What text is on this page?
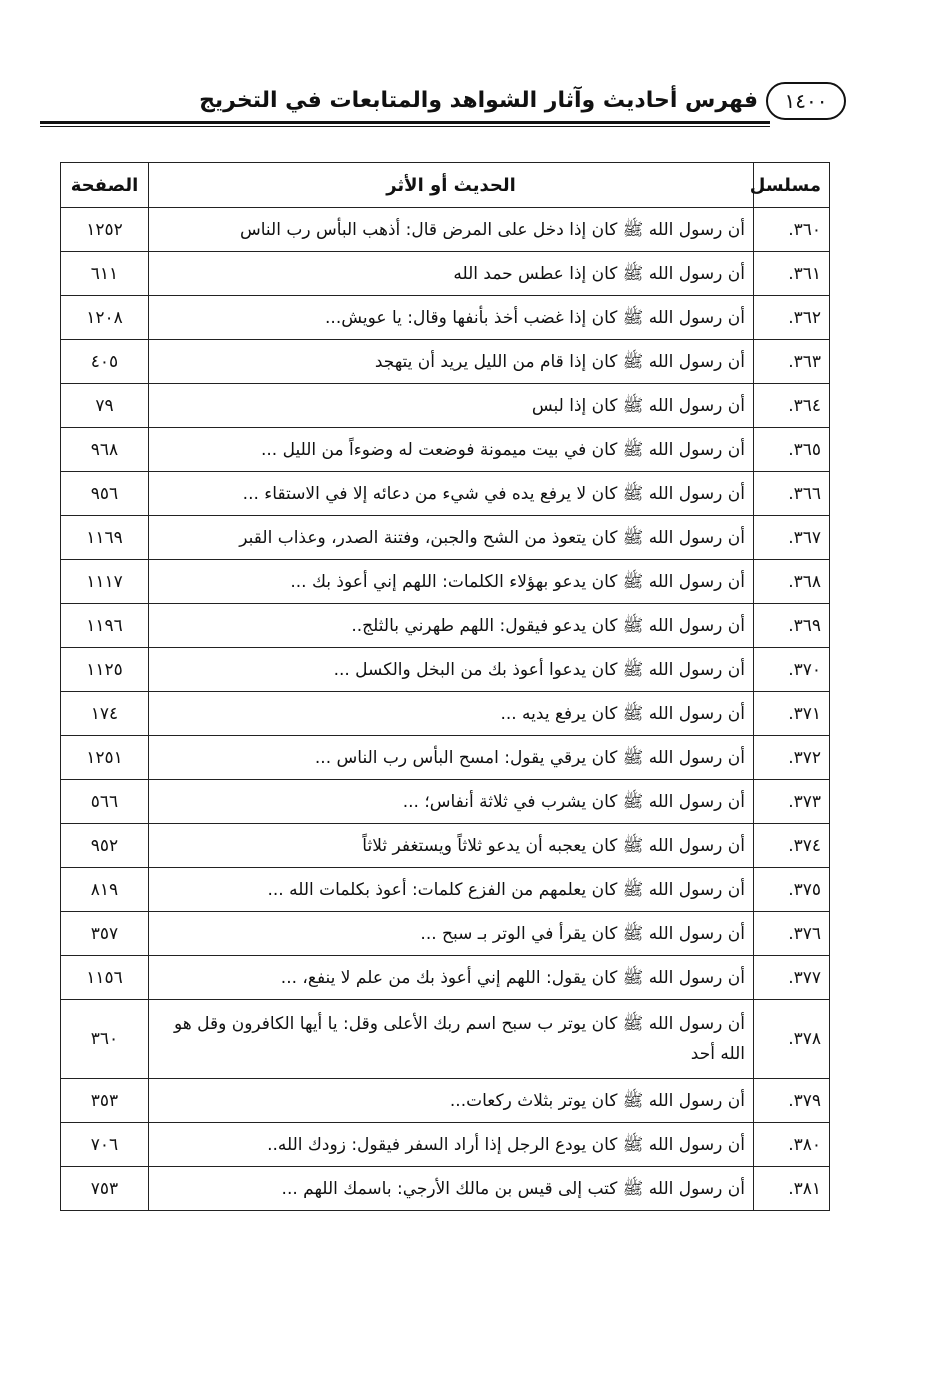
فهرس أحاديث وآثار الشواهد والمتابعات في التخريج	١٤٠٠
مسلسل	الحديث أو الأثر	الصفحة
٣٦٠.	أن رسول الله ﷺ كان إذا دخل على المرض قال: أذهب البأس رب الناس	١٢٥٢
٣٦١.	أن رسول الله ﷺ كان إذا عطس حمد الله	٦١١
٣٦٢.	أن رسول الله ﷺ كان إذا غضب أخذ بأنفها وقال: يا عويش...	١٢٠٨
٣٦٣.	أن رسول الله ﷺ كان إذا قام من الليل يريد أن يتهجد	٤٠٥
٣٦٤.	أن رسول الله ﷺ كان إذا لبس	٧٩
٣٦٥.	أن رسول الله ﷺ كان في بيت ميمونة فوضعت له وضوءاً من الليل ...	٩٦٨
٣٦٦.	أن رسول الله ﷺ كان لا يرفع يده في شيء من دعائه إلا في الاستقاء ...	٩٥٦
٣٦٧.	أن رسول الله ﷺ كان يتعوذ من الشح والجبن، وفتنة الصدر، وعذاب القبر	١١٦٩
٣٦٨.	أن رسول الله ﷺ كان يدعو بهؤلاء الكلمات: اللهم إني أعوذ بك ...	١١١٧
٣٦٩.	أن رسول الله ﷺ كان يدعو فيقول: اللهم طهرني بالثلج..	١١٩٦
٣٧٠.	أن رسول الله ﷺ كان يدعوا أعوذ بك من البخل والكسل ...	١١٢٥
٣٧١.	أن رسول الله ﷺ كان يرفع يديه ...	١٧٤
٣٧٢.	أن رسول الله ﷺ كان يرقي يقول: امسح البأس رب الناس ...	١٢٥١
٣٧٣.	أن رسول الله ﷺ كان يشرب في ثلاثة أنفاس؛ ...	٥٦٦
٣٧٤.	أن رسول الله ﷺ كان يعجبه أن يدعو ثلاثاً ويستغفر ثلاثاً	٩٥٢
٣٧٥.	أن رسول الله ﷺ كان يعلمهم من الفزع كلمات: أعوذ بكلمات الله ...	٨١٩
٣٧٦.	أن رسول الله ﷺ كان يقرأ في الوتر بـ سبح ...	٣٥٧
٣٧٧.	أن رسول الله ﷺ كان يقول: اللهم إني أعوذ بك من علم لا ينفع، ...	١١٥٦
٣٧٨.	أن رسول الله ﷺ كان يوتر ب سبح اسم ربك الأعلى وقل: يا أيها الكافرون وقل هو الله أحد	٣٦٠
٣٧٩.	أن رسول الله ﷺ كان يوتر بثلاث ركعات...	٣٥٣
٣٨٠.	أن رسول الله ﷺ كان يودع الرجل إذا أراد السفر فيقول: زودك الله..	٧٠٦
٣٨١.	أن رسول الله ﷺ كتب إلى قيس بن مالك الأرجي: باسمك اللهم ...	٧٥٣
